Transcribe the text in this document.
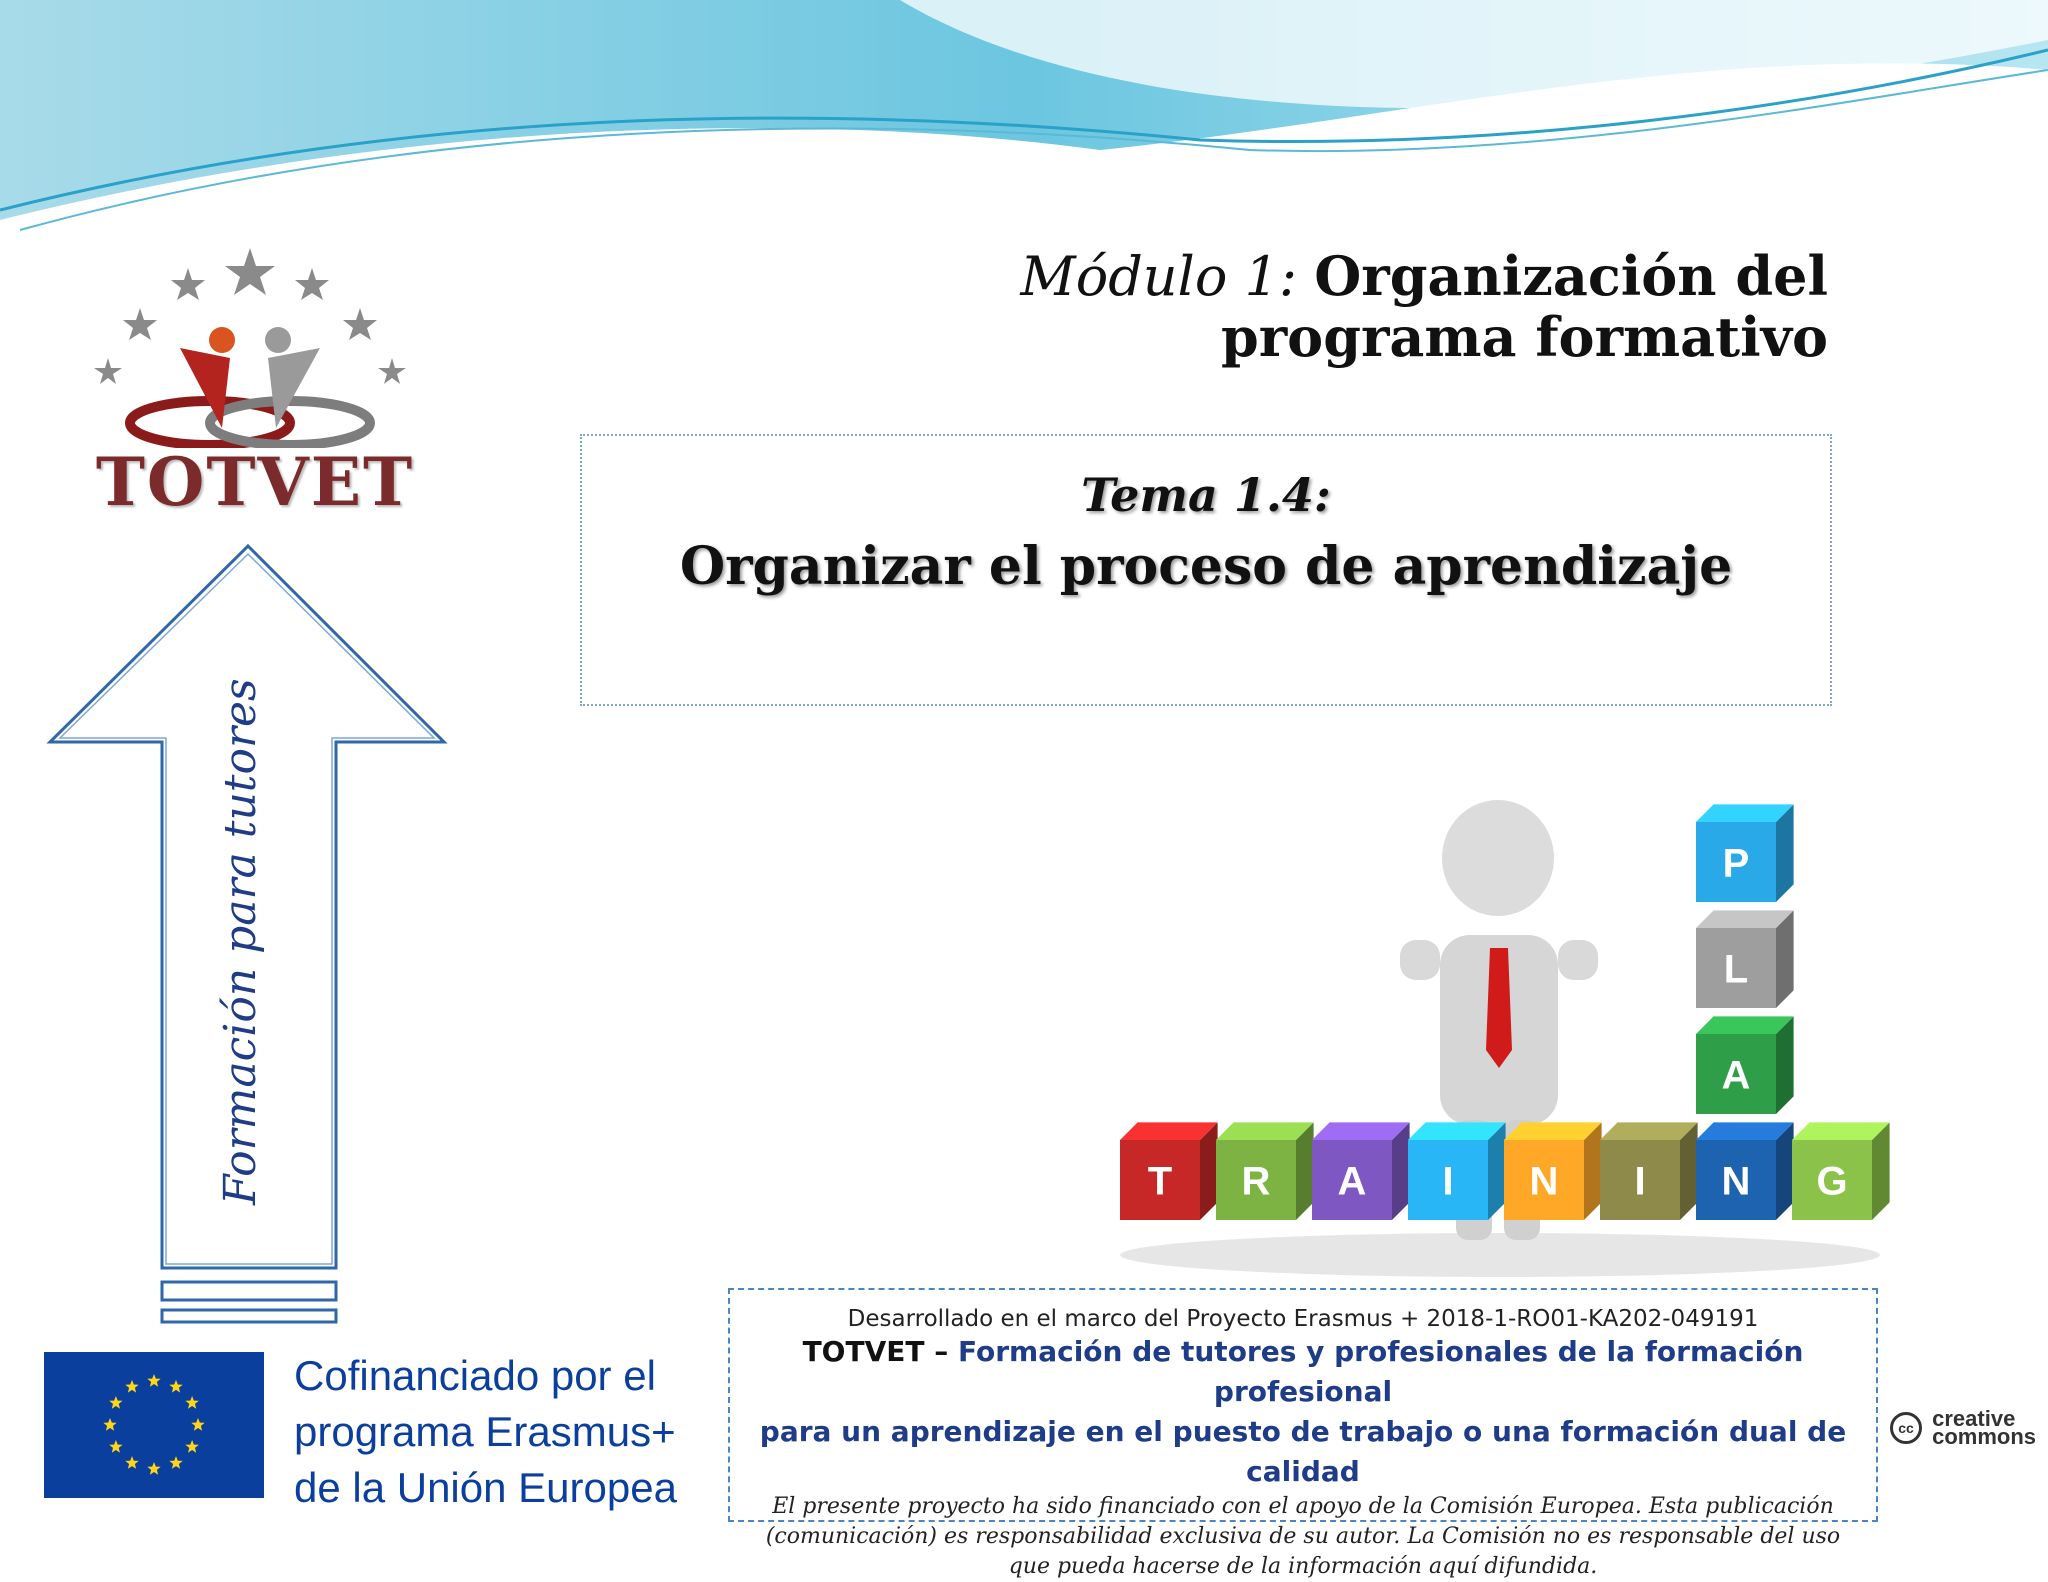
TOTVET
Formación para tutores
Módulo 1: Organización del
programa formativo
Tema 1.4:
Organizar el proceso de aprendizaje
T R A I N I N G
P
L
A
Cofinanciado por el
programa Erasmus+
de la Unión Europea
Desarrollado en el marco del Proyecto Erasmus + 2018-1-RO01-KA202-049191
TOTVET – Formación de tutores y profesionales de la formación profesional
para un aprendizaje en el puesto de trabajo o una formación dual de calidad
El presente proyecto ha sido financiado con el apoyo de la Comisión Europea. Esta publicación (comunicación) es responsabilidad exclusiva de su autor. La Comisión no es responsable del uso que pueda hacerse de la información aquí difundida.
cc creative
commons
